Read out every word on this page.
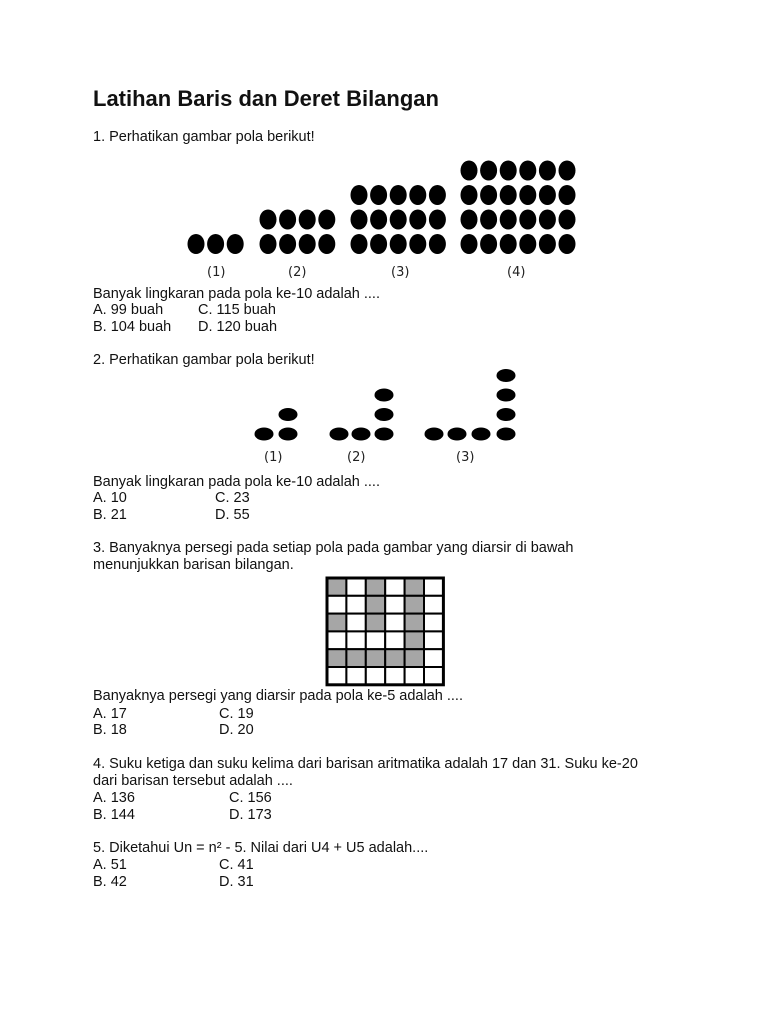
Latihan Baris dan Deret Bilangan
1. Perhatikan gambar pola berikut!
(1)	(2)	(3)	(4)
(1)	(2)	(3)
Banyak lingkaran pada pola ke-10 adalah ....
A. 99 buah C. 115 buah
B. 104 buah D. 120 buah
2. Perhatikan gambar pola berikut!
Banyak lingkaran pada pola ke-10 adalah ....
A. 10	C. 23
B. 21	D. 55
3. Banyaknya persegi pada setiap pola pada gambar yang diarsir di bawah
menunjukkan barisan bilangan.
Banyaknya persegi yang diarsir pada pola ke-5 adalah ....
A. 17	C. 19
B. 18	D. 20
4. Suku ketiga dan suku kelima dari barisan aritmatika adalah 17 dan 31. Suku ke-20
dari barisan tersebut adalah ....
A. 136	C. 156
B. 144	D. 173
5. Diketahui Un = n² - 5. Nilai dari U4 + U5 adalah....
A. 51	C. 41
B. 42	D. 31
